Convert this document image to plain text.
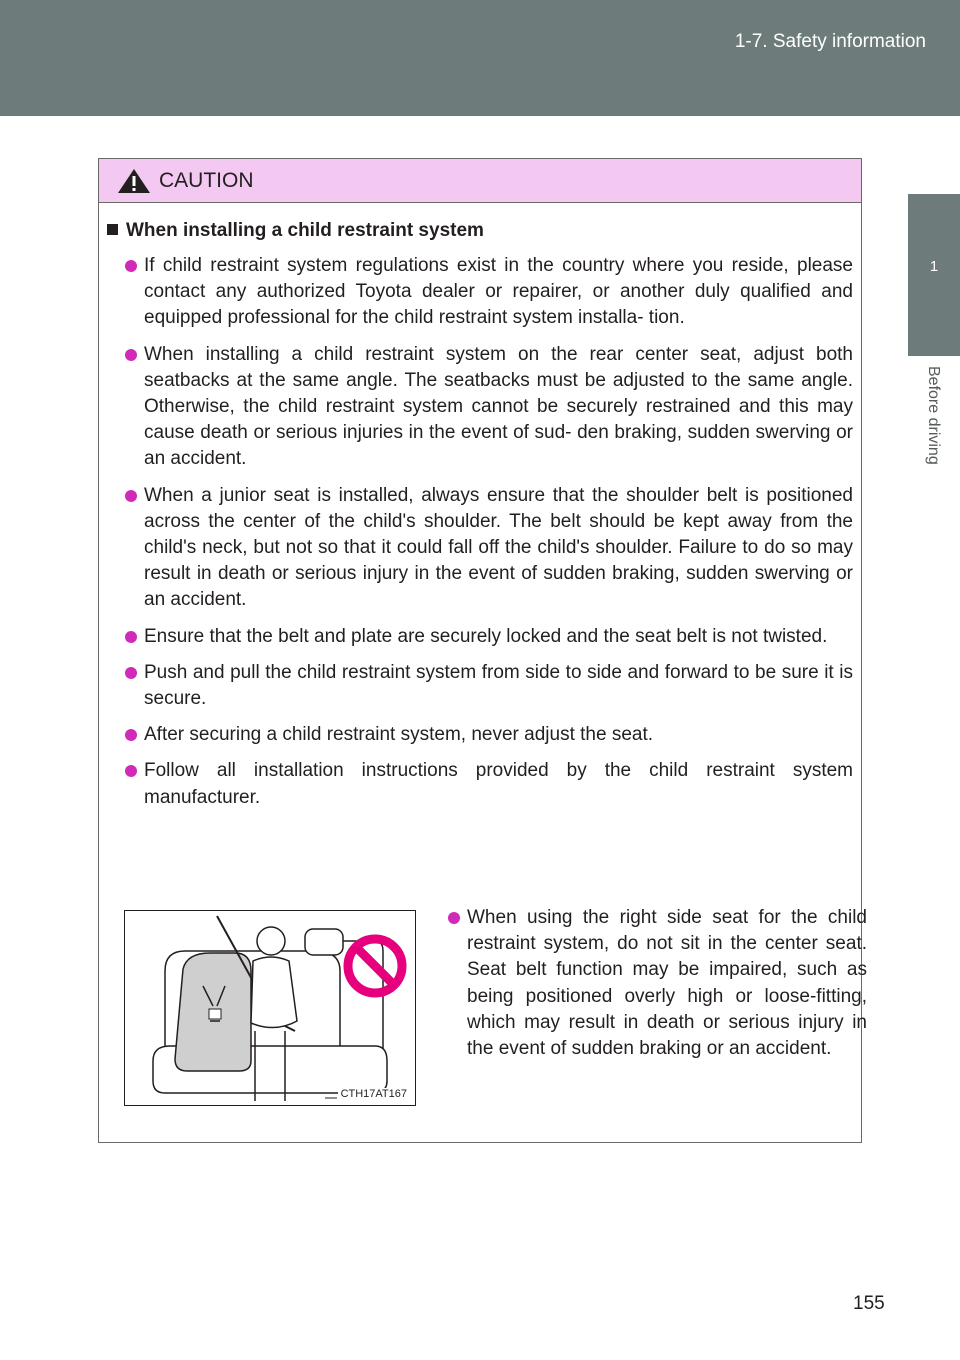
1-7. Safety information
1
Before driving
CAUTION
When installing a child restraint system
If child restraint system regulations exist in the country where you reside, please contact any authorized Toyota dealer or repairer, or another duly qualified and equipped professional for the child restraint system installa- tion.
When installing a child restraint system on the rear center seat, adjust both seatbacks at the same angle. The seatbacks must be adjusted to the same angle. Otherwise, the child restraint system cannot be securely restrained and this may cause death or serious injuries in the event of sud- den braking, sudden swerving or an accident.
When a junior seat is installed, always ensure that the shoulder belt is positioned across the center of the child's shoulder. The belt should be kept away from the child's neck, but not so that it could fall off the child's shoulder. Failure to do so may result in death or serious injury in the event of sudden braking, sudden swerving or an accident.
Ensure that the belt and plate are securely locked and the seat belt is not twisted.
Push and pull the child restraint system from side to side and forward to be sure it is secure.
After securing a child restraint system, never adjust the seat.
Follow all installation instructions provided by the child restraint system manufacturer.
CTH17AT167
When using the right side seat for the child restraint system, do not sit in the center seat. Seat belt function may be impaired, such as being positioned overly high or loose-fitting, which may result in death or serious injury in the event of sudden braking or an accident.
155
